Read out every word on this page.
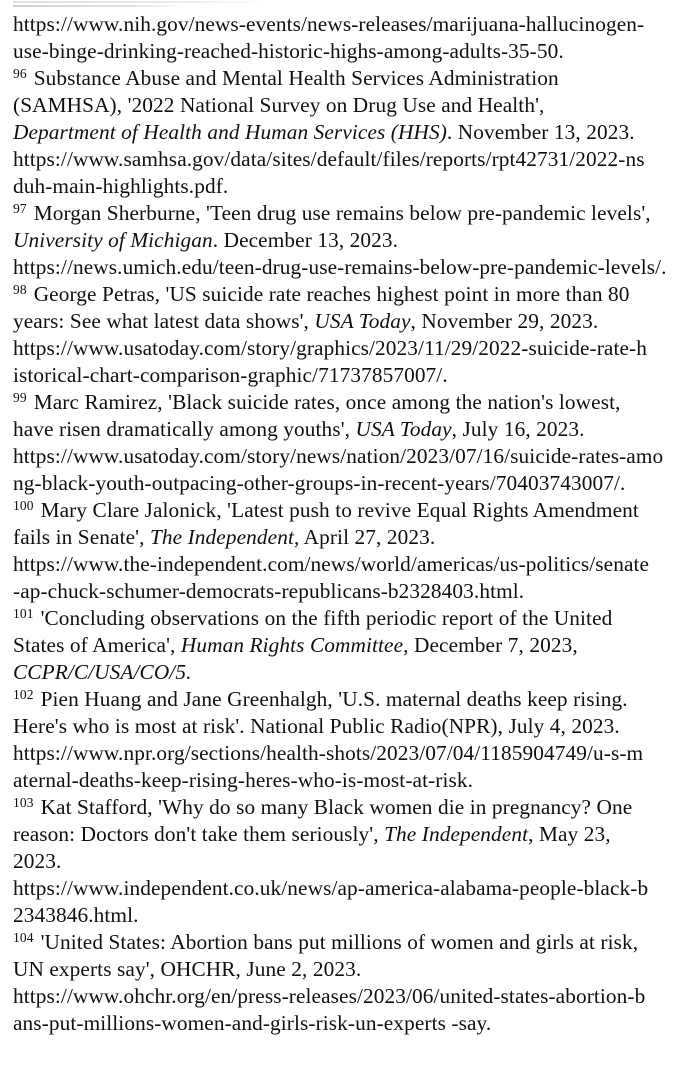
https://www.nih.gov/news-events/news-releases/marijuana-hallucinogen-
use-binge-drinking-reached-historic-highs-among-adults-35-50.
96 Substance Abuse and Mental Health Services Administration
(SAMHSA), '2022 National Survey on Drug Use and Health',
Department of Health and Human Services (HHS). November 13, 2023.
https://www.samhsa.gov/data/sites/default/files/reports/rpt42731/2022-ns
duh-main-highlights.pdf.
97 Morgan Sherburne, 'Teen drug use remains below pre-pandemic levels',
University of Michigan. December 13, 2023.
https://news.umich.edu/teen-drug-use-remains-below-pre-pandemic-levels/.
98 George Petras, 'US suicide rate reaches highest point in more than 80
years: See what latest data shows', USA Today, November 29, 2023.
https://www.usatoday.com/story/graphics/2023/11/29/2022-suicide-rate-h
istorical-chart-comparison-graphic/71737857007/.
99 Marc Ramirez, 'Black suicide rates, once among the nation's lowest,
have risen dramatically among youths', USA Today, July 16, 2023.
https://www.usatoday.com/story/news/nation/2023/07/16/suicide-rates-amo
ng-black-youth-outpacing-other-groups-in-recent-years/70403743007/.
100 Mary Clare Jalonick, 'Latest push to revive Equal Rights Amendment
fails in Senate', The Independent, April 27, 2023.
https://www.the-independent.com/news/world/americas/us-politics/senate
-ap-chuck-schumer-democrats-republicans-b2328403.html.
101 'Concluding observations on the fifth periodic report of the United
States of America', Human Rights Committee, December 7, 2023,
CCPR/C/USA/CO/5.
102 Pien Huang and Jane Greenhalgh, 'U.S. maternal deaths keep rising.
Here's who is most at risk'. National Public Radio(NPR), July 4, 2023.
https://www.npr.org/sections/health-shots/2023/07/04/1185904749/u-s-m
aternal-deaths-keep-rising-heres-who-is-most-at-risk.
103 Kat Stafford, 'Why do so many Black women die in pregnancy? One
reason: Doctors don't take them seriously', The Independent, May 23,
2023.
https://www.independent.co.uk/news/ap-america-alabama-people-black-b
2343846.html.
104 'United States: Abortion bans put millions of women and girls at risk,
UN experts say', OHCHR, June 2, 2023.
https://www.ohchr.org/en/press-releases/2023/06/united-states-abortion-b
ans-put-millions-women-and-girls-risk-un-experts -say.
